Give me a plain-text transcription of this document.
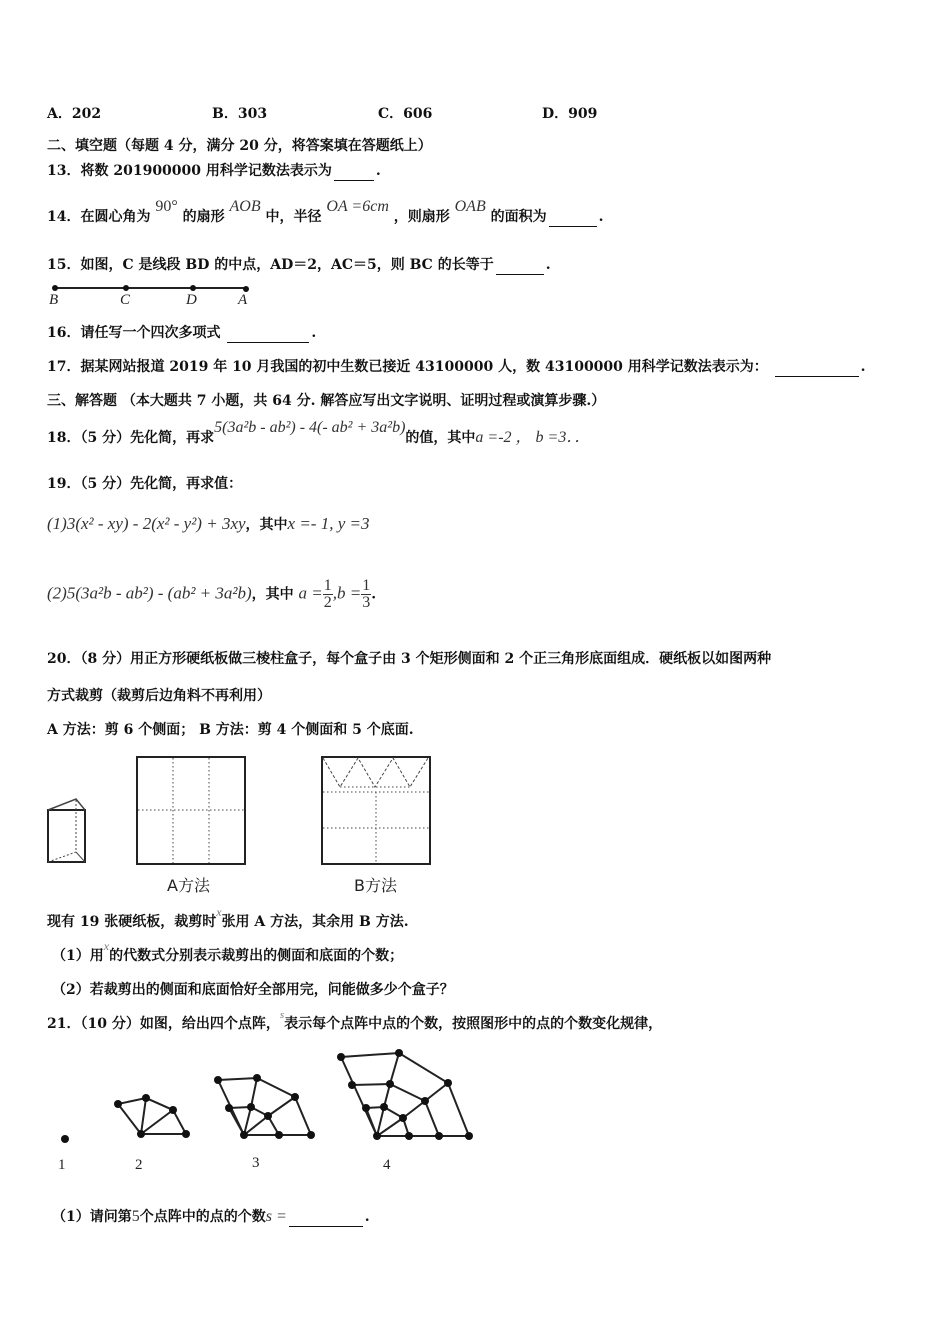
A．202	B．303	C．606	D．909
二、填空题（每题 4 分，满分 20 分，将答案填在答题纸上）
13．将数 201900000 用科学记数法表示为	.
14．在圆心角为 90° 的扇形 AOB 中，半径 OA =6cm ，则扇形 OAB 的面积为	.
15．如图，C 是线段 BD 的中点，AD＝2，AC＝5，则 BC 的长等于	.
B	C	D	A
16．请任写一个四次多项式	.
17．据某网站报道 2019 年 10 月我国的初中生数已接近 43100000 人，数 43100000 用科学记数法表示为：	.
三、解答题 （本大题共 7 小题，共 64 分. 解答应写出文字说明、证明过程或演算步骤.）
18．（5 分）先化简，再求5(3a²b - ab²) - 4(- ab² + 3a²b)的值，其中a =-2 ， b =3．．
19．（5 分）先化简，再求值：
(1)3(x² - xy) - 2(x² - y²) + 3xy，其中x =- 1, y =3
(2)5(3a²b - ab²) - (ab² + 3a²b)，其中 $a = \frac{1}{2} ,b = \frac{1}{3}$ .
20．（8 分）用正方形硬纸板做三棱柱盒子，每个盒子由 3 个矩形侧面和 2 个正三角形底面组成．硬纸板以如图两种
方式裁剪（裁剪后边角料不再利用）
A 方法：剪 6 个侧面； B 方法：剪 4 个侧面和 5 个底面.
A方法	B方法
现有 19 张硬纸板，裁剪时x张用 A 方法，其余用 B 方法.
（1）用x的代数式分别表示裁剪出的侧面和底面的个数；
（2）若裁剪出的侧面和底面恰好全部用完，问能做多少个盒子？
21．（10 分）如图，给出四个点阵，$^s$表示每个点阵中点的个数，按照图形中的点的个数变化规律，
1	2	3	4
（1）请问第5个点阵中的点的个数s =	.
